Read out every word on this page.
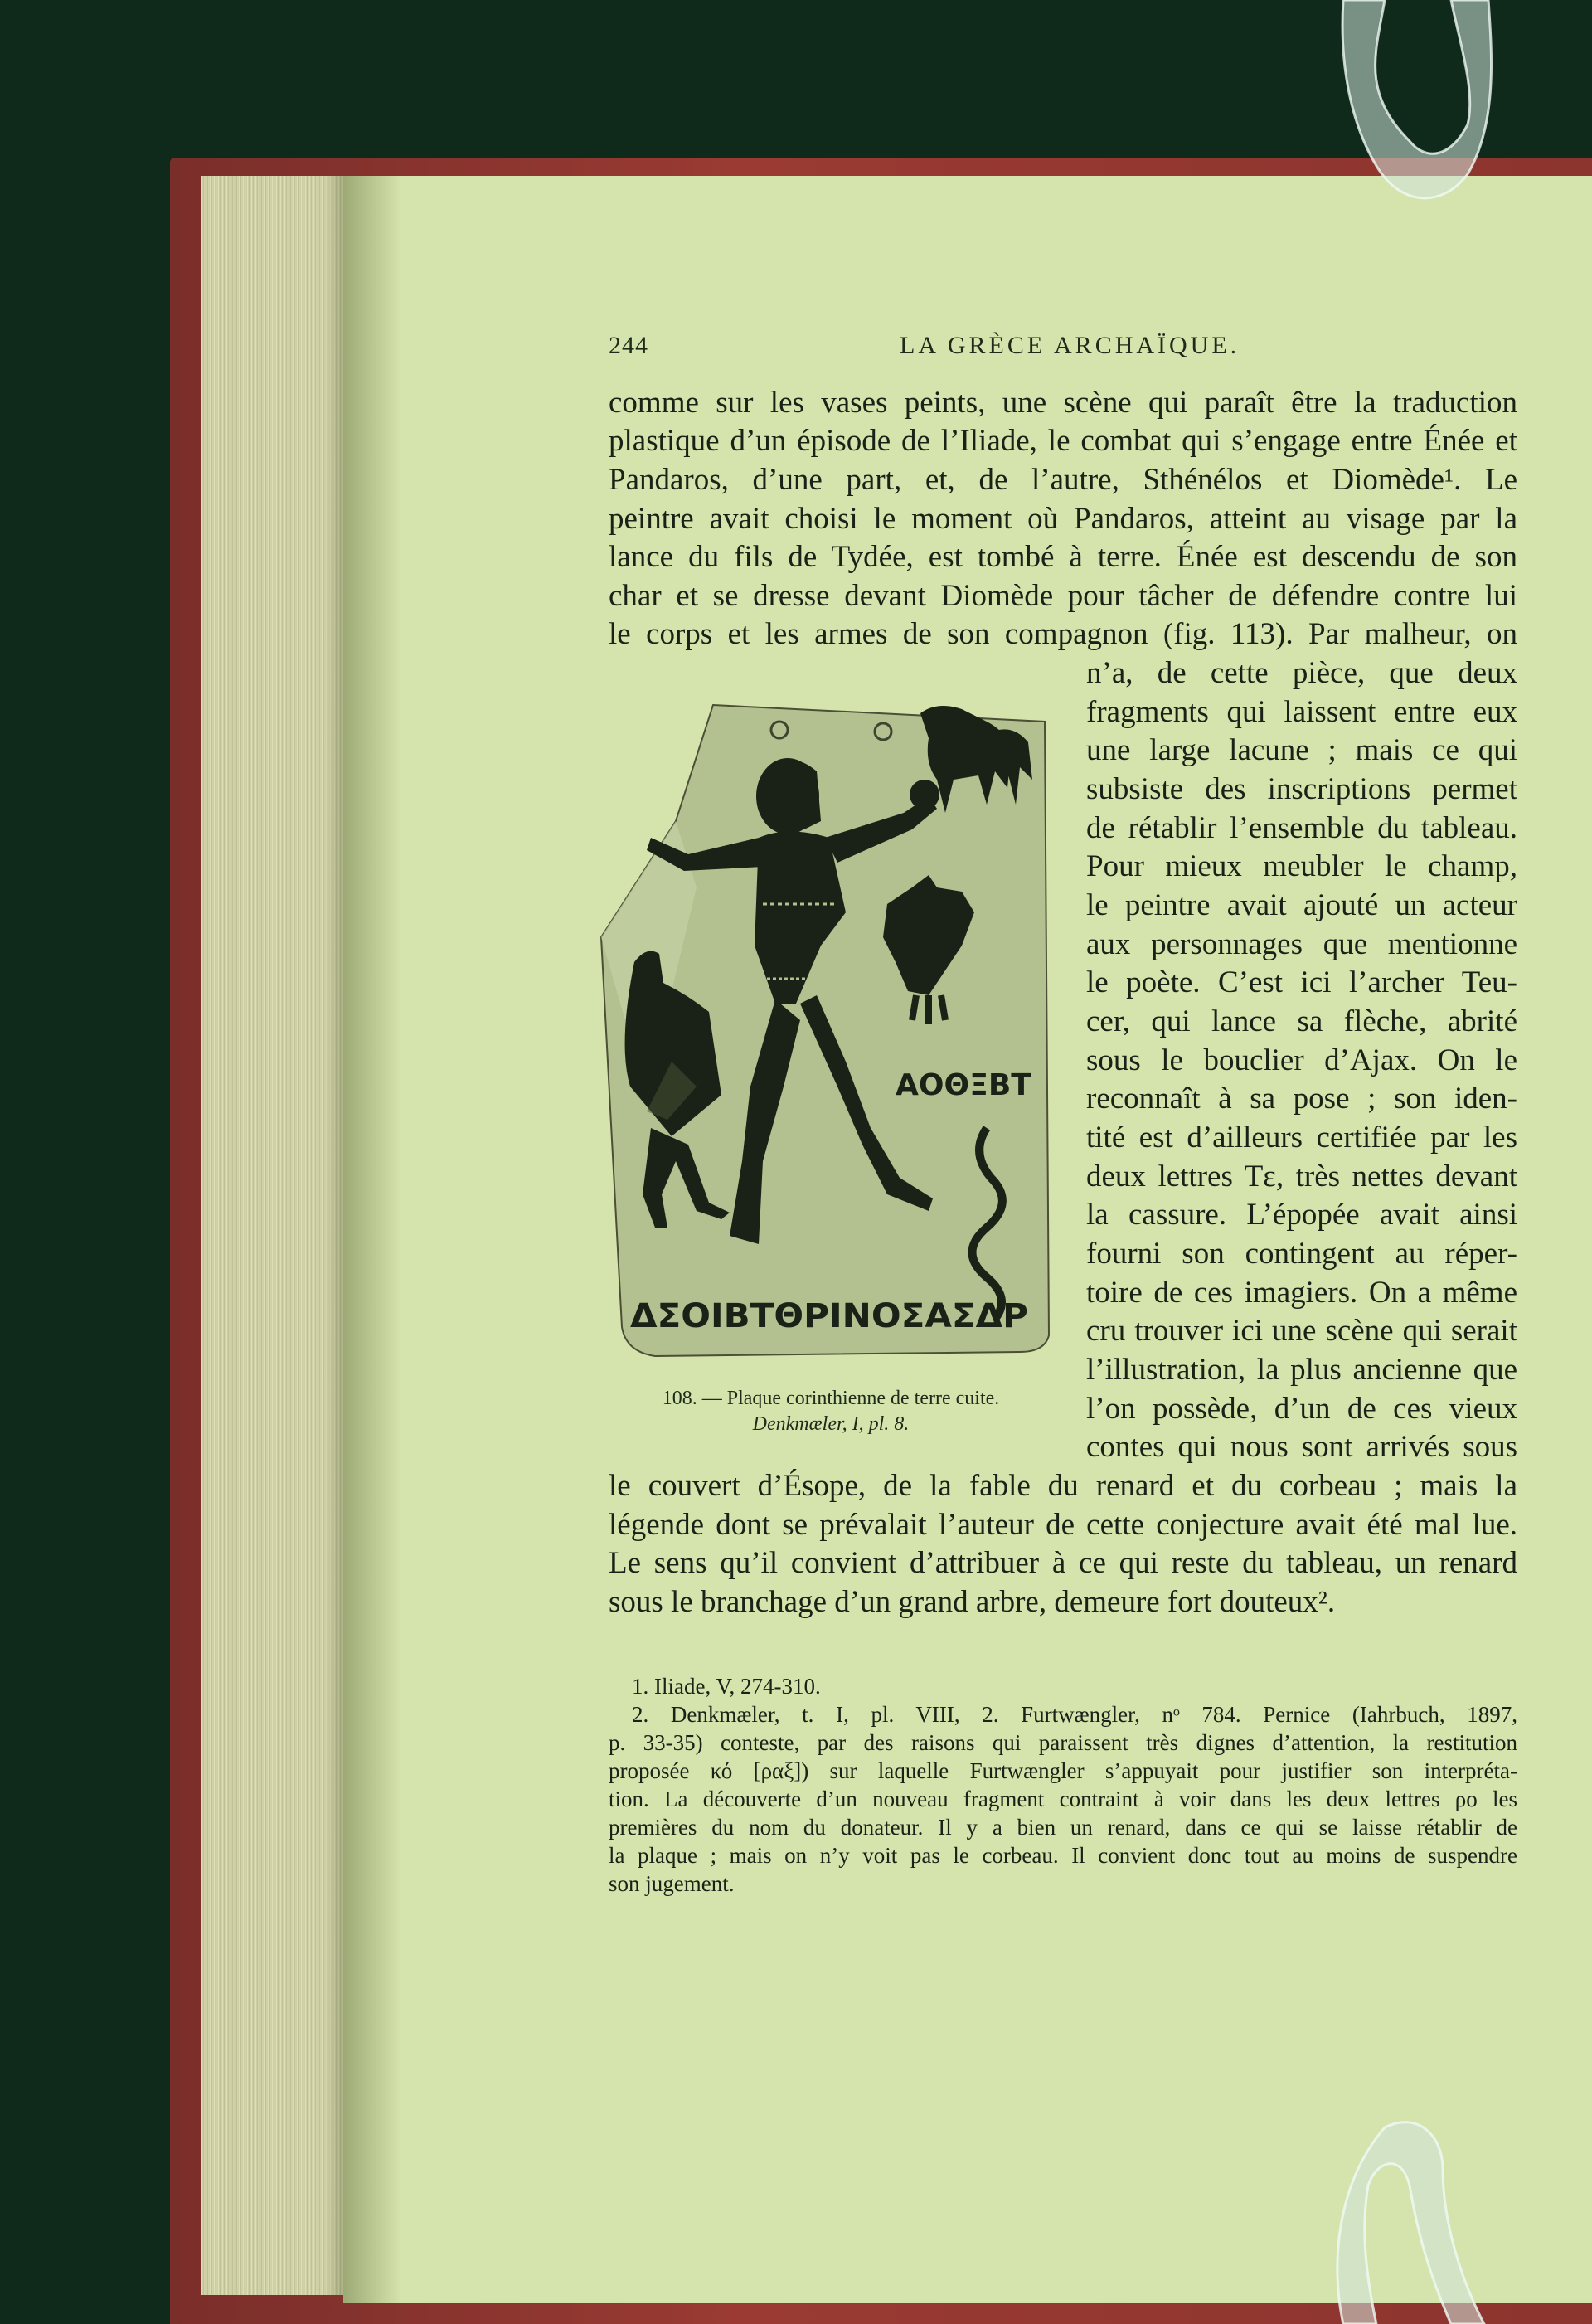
244	LA GRÈCE ARCHAÏQUE.
comme sur les vases peints, une scène qui paraît être la traduction
plastique d’un épisode de l’Iliade, le combat qui s’engage entre Énée et
Pandaros, d’une part, et, de l’autre, Sthénélos et Diomède¹. Le
peintre avait choisi le moment où Pandaros, atteint au visage par la
lance du fils de Tydée, est tombé à terre. Énée est descendu de son
char et se dresse devant Diomède pour tâcher de défendre contre lui
le corps et les armes de son compagnon (fig. 113). Par malheur, on
n’a, de cette pièce, que deux
fragments qui laissent entre eux
une large lacune ; mais ce qui
subsiste des inscriptions permet
de rétablir l’ensemble du tableau.
Pour mieux meubler le champ,
le peintre avait ajouté un acteur
aux personnages que mentionne
le poète. C’est ici l’archer Teu-
cer, qui lance sa flèche, abrité
sous le bouclier d’Ajax. On le
reconnaît à sa pose ; son iden-
tité est d’ailleurs certifiée par les
deux lettres Tε, très nettes devant
la cassure. L’épopée avait ainsi
fourni son contingent au réper-
toire de ces imagiers. On a même
cru trouver ici une scène qui serait
l’illustration, la plus ancienne que
l’on possède, d’un de ces vieux
contes qui nous sont arrivés sous
le couvert d’Ésope, de la fable du renard et du corbeau ; mais la
légende dont se prévalait l’auteur de cette conjecture avait été mal lue.
Le sens qu’il convient d’attribuer à ce qui reste du tableau, un renard
sous le branchage d’un grand arbre, demeure fort douteux².
ΑΟΘΞΒΤ
ΔΣΟΙΒΤΘΡΙΝΟΣΑΣΔΡ
108. — Plaque corinthienne de terre cuite.
Denkmæler, I, pl. 8.
1. Iliade, V, 274-310.
2. Denkmæler, t. I, pl. VIII, 2. Furtwængler, nᵒ 784. Pernice (Iahrbuch, 1897,
p. 33-35) conteste, par des raisons qui paraissent très dignes d’attention, la restitution
proposée κό [ραξ]) sur laquelle Furtwængler s’appuyait pour justifier son interpréta-
tion. La découverte d’un nouveau fragment contraint à voir dans les deux lettres ρο les
premières du nom du donateur. Il y a bien un renard, dans ce qui se laisse rétablir de
la plaque ; mais on n’y voit pas le corbeau. Il convient donc tout au moins de suspendre
son jugement.
